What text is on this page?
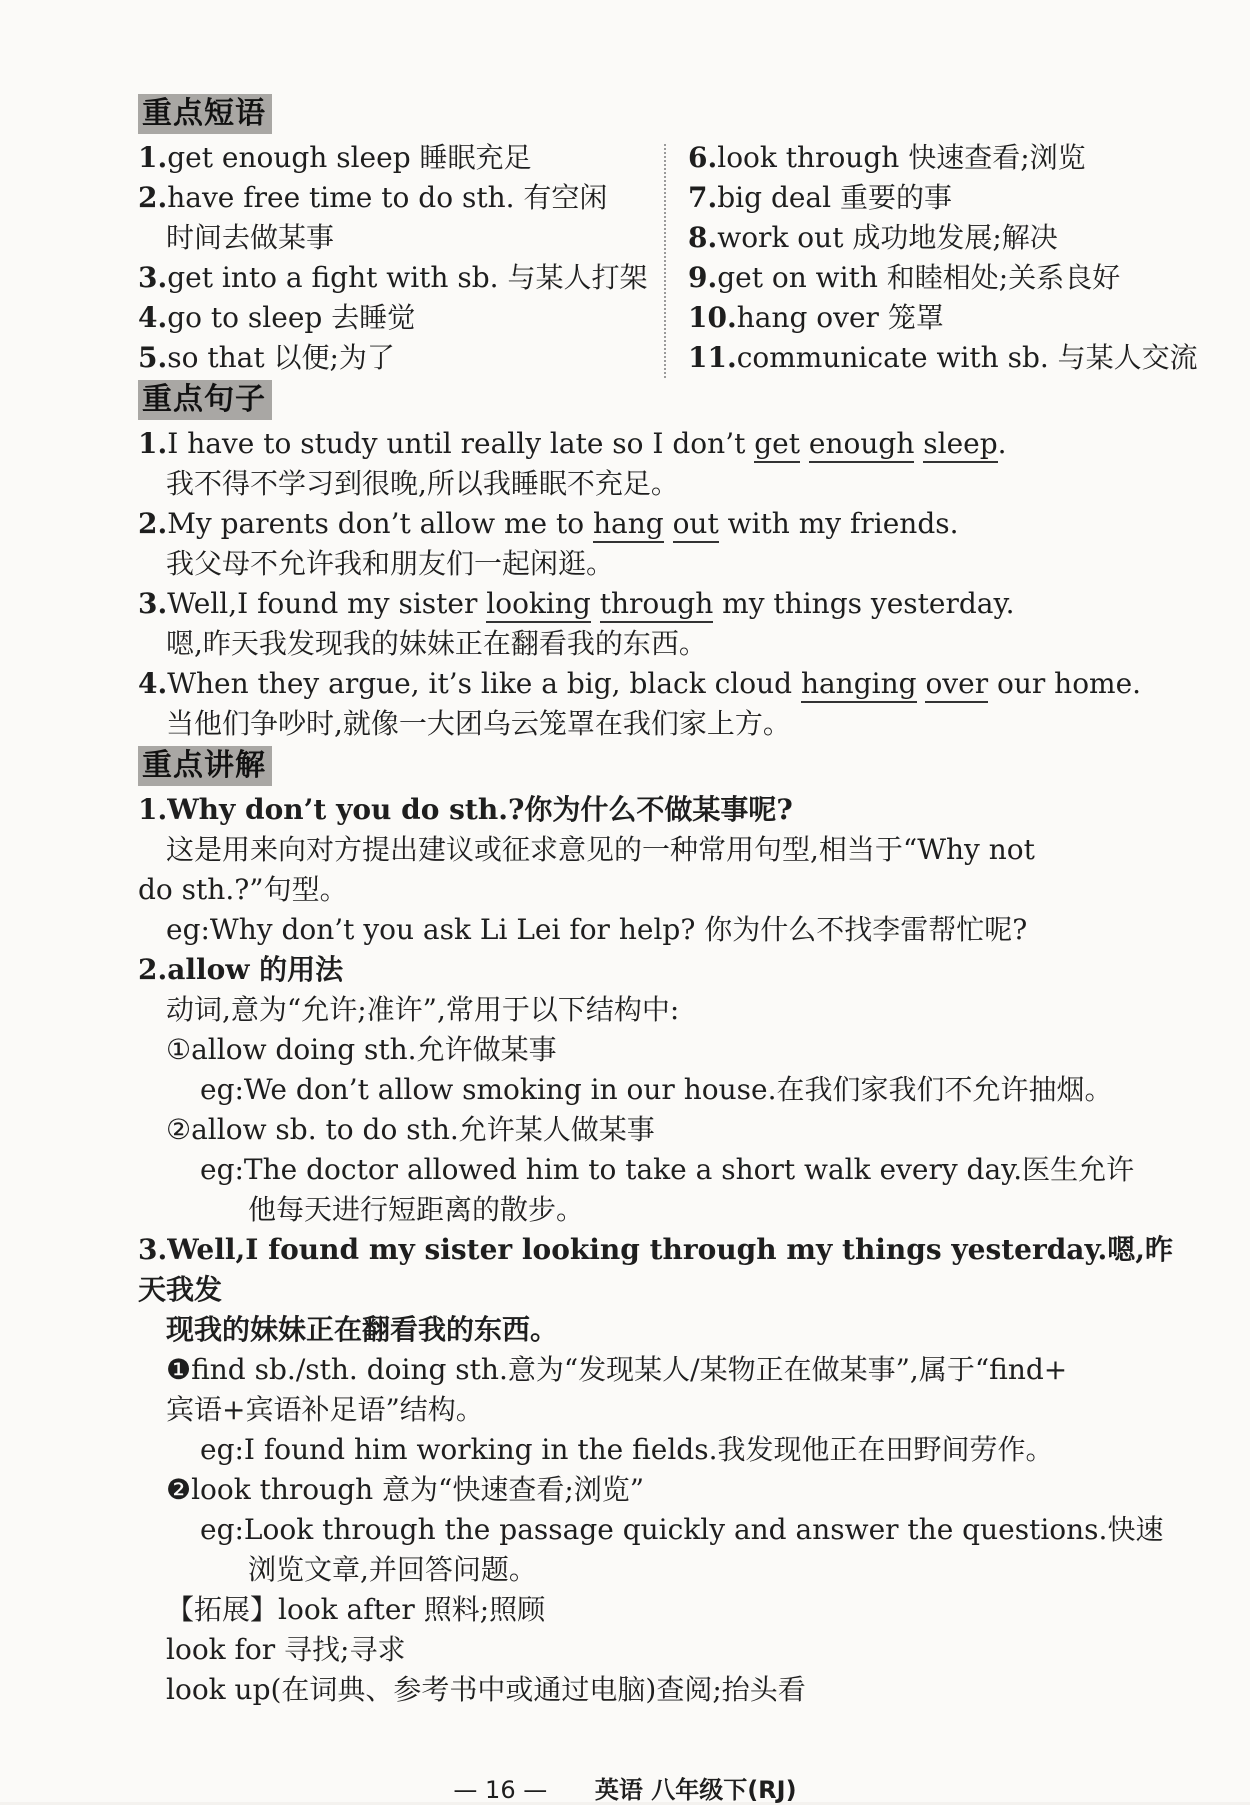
重点短语
1.get enough sleep 睡眠充足
2.have free time to do sth. 有空闲
时间去做某事
3.get into a fight with sb. 与某人打架
4.go to sleep 去睡觉
5.so that 以便;为了
6.look through 快速查看;浏览
7.big deal 重要的事
8.work out 成功地发展;解决
9.get on with 和睦相处;关系良好
10.hang over 笼罩
11.communicate with sb. 与某人交流
重点句子
1.I have to study until really late so I don’t get enough sleep.
我不得不学习到很晚,所以我睡眠不充足。
2.My parents don’t allow me to hang out with my friends.
我父母不允许我和朋友们一起闲逛。
3.Well,I found my sister looking through my things yesterday.
嗯,昨天我发现我的妹妹正在翻看我的东西。
4.When they argue, it’s like a big, black cloud hanging over our home.
当他们争吵时,就像一大团乌云笼罩在我们家上方。
重点讲解
1.Why don’t you do sth.?你为什么不做某事呢?
这是用来向对方提出建议或征求意见的一种常用句型,相当于“Why not
do sth.?”句型。
eg:Why don’t you ask Li Lei for help? 你为什么不找李雷帮忙呢?
2.allow 的用法
动词,意为“允许;准许”,常用于以下结构中:
①allow doing sth.允许做某事
eg:We don’t allow smoking in our house.在我们家我们不允许抽烟。
②allow sb. to do sth.允许某人做某事
eg:The doctor allowed him to take a short walk every day.医生允许
他每天进行短距离的散步。
3.Well,I found my sister looking through my things yesterday.嗯,昨天我发
现我的妹妹正在翻看我的东西。
❶find sb./sth. doing sth.意为“发现某人/某物正在做某事”,属于“find+
宾语+宾语补足语”结构。
eg:I found him working in the fields.我发现他正在田野间劳作。
❷look through 意为“快速查看;浏览”
eg:Look through the passage quickly and answer the questions.快速
浏览文章,并回答问题。
【拓展】look after 照料;照顾
look for 寻找;寻求
look up(在词典、参考书中或通过电脑)查阅;抬头看
— 16 — 英语 八年级下(RJ)
